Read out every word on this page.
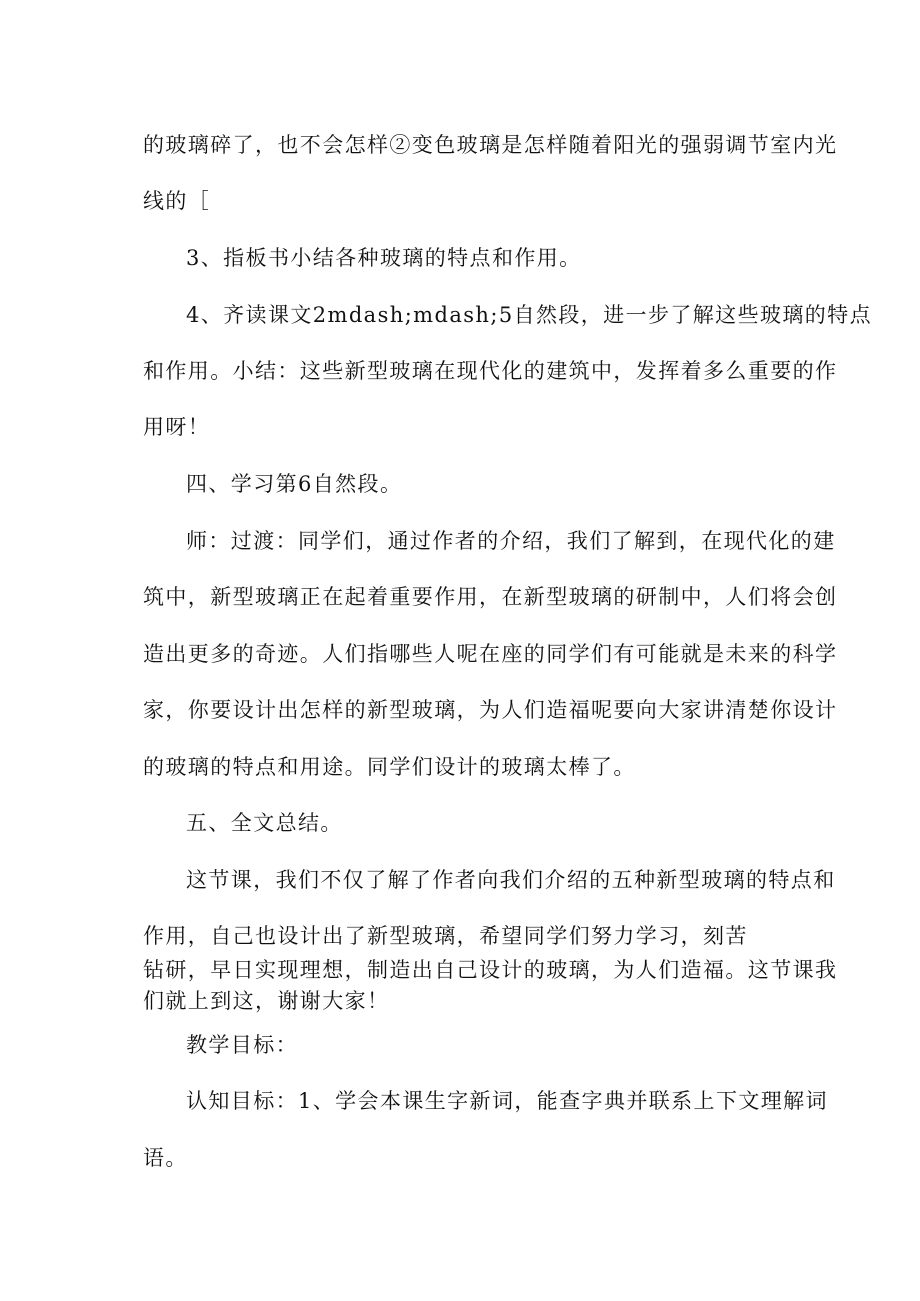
的玻璃碎了，也不会怎样②变色玻璃是怎样随着阳光的强弱调节室内光
线的［
3、指板书小结各种玻璃的特点和作用。
4、齐读课文2mdash;mdash;5自然段，进一步了解这些玻璃的特点
和作用。小结：这些新型玻璃在现代化的建筑中，发挥着多么重要的作
用呀！
四、学习第6自然段。
师：过渡：同学们，通过作者的介绍，我们了解到，在现代化的建
筑中，新型玻璃正在起着重要作用，在新型玻璃的研制中，人们将会创
造出更多的奇迹。人们指哪些人呢在座的同学们有可能就是未来的科学
家，你要设计出怎样的新型玻璃，为人们造福呢要向大家讲清楚你设计
的玻璃的特点和用途。同学们设计的玻璃太棒了。
五、全文总结。
这节课，我们不仅了解了作者向我们介绍的五种新型玻璃的特点和
作用，自己也设计出了新型玻璃，希望同学们努力学习，刻苦
钻研，早日实现理想，制造出自己设计的玻璃，为人们造福。这节课我
们就上到这，谢谢大家！
教学目标：
认知目标：1、学会本课生字新词，能查字典并联系上下文理解词
语。
